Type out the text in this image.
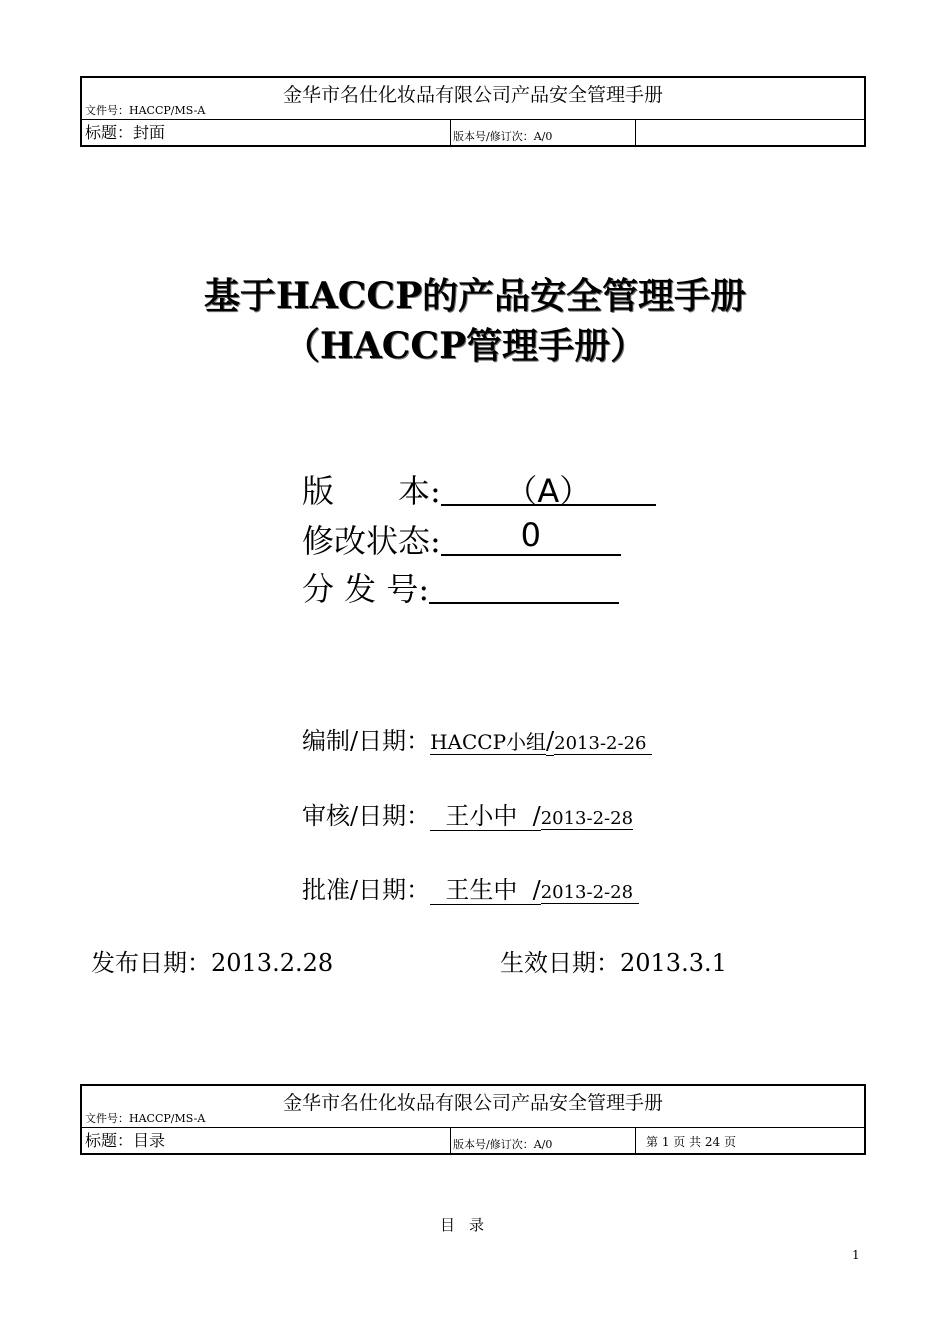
金华市名仕化妆品有限公司产品安全管理手册
文件号：HACCP/MS-A
标题：封面	版本号/修订次：A/0
基于HACCP的产品安全管理手册
（HACCP管理手册）
版　　本: （A）
修改状态: 0
分 发 号:
编制/日期：HACCP小组/2013-2-26
审核/日期：  王小中  /2013-2-28
批准/日期：  王生中  /2013-2-28
发布日期：2013.2.28	生效日期：2013.3.1
金华市名仕化妆品有限公司产品安全管理手册
文件号：HACCP/MS-A
标题：目录	版本号/修订次：A/0	第 1 页 共 24 页
目录
1
